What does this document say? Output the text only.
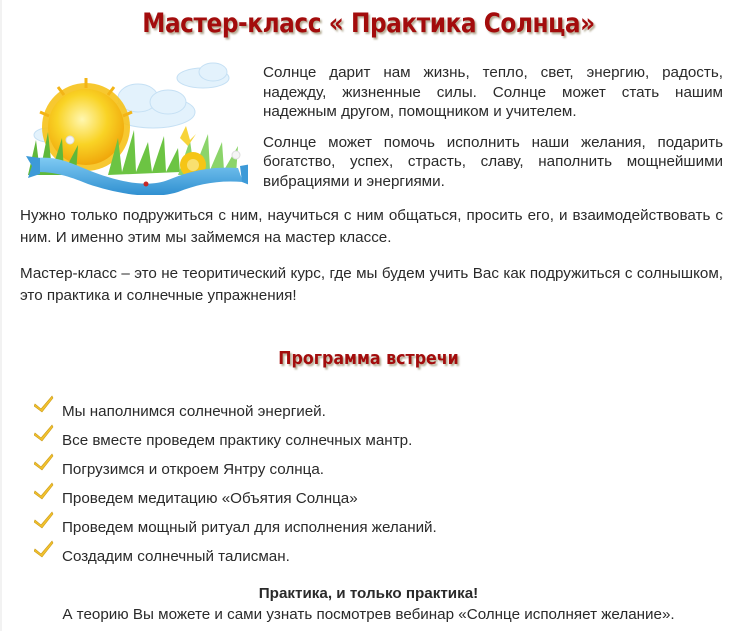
Мастер-класс « Практика Солнца»

Солнце дарит нам жизнь, тепло, свет, энергию, радость, надежду, жизненные силы. Солнце может стать нашим надежным другом, помощником и учителем.

Солнце может помочь исполнить наши желания, подарить богатство, успех, страсть, славу, наполнить мощнейшими вибрациями и энергиями.

Нужно только подружиться с ним, научиться с ним общаться, просить его, и взаимодействовать с ним. И именно этим мы займемся на мастер классе.

Мастер-класс – это не теоритический курс, где мы будем учить Вас как подружиться с солнышком, это практика и солнечные упражнения!

Программа встречи
Мы наполнимся солнечной энергией.
Все вместе проведем практику солнечных мантр.
Погрузимся и откроем Янтру солнца.
Проведем медитацию «Объятия Солнца»
Проведем мощный ритуал для исполнения желаний.
Создадим солнечный талисман.
Практика, и только практика!
А теорию Вы можете и сами узнать посмотрев вебинар «Солнце исполняет желание».
